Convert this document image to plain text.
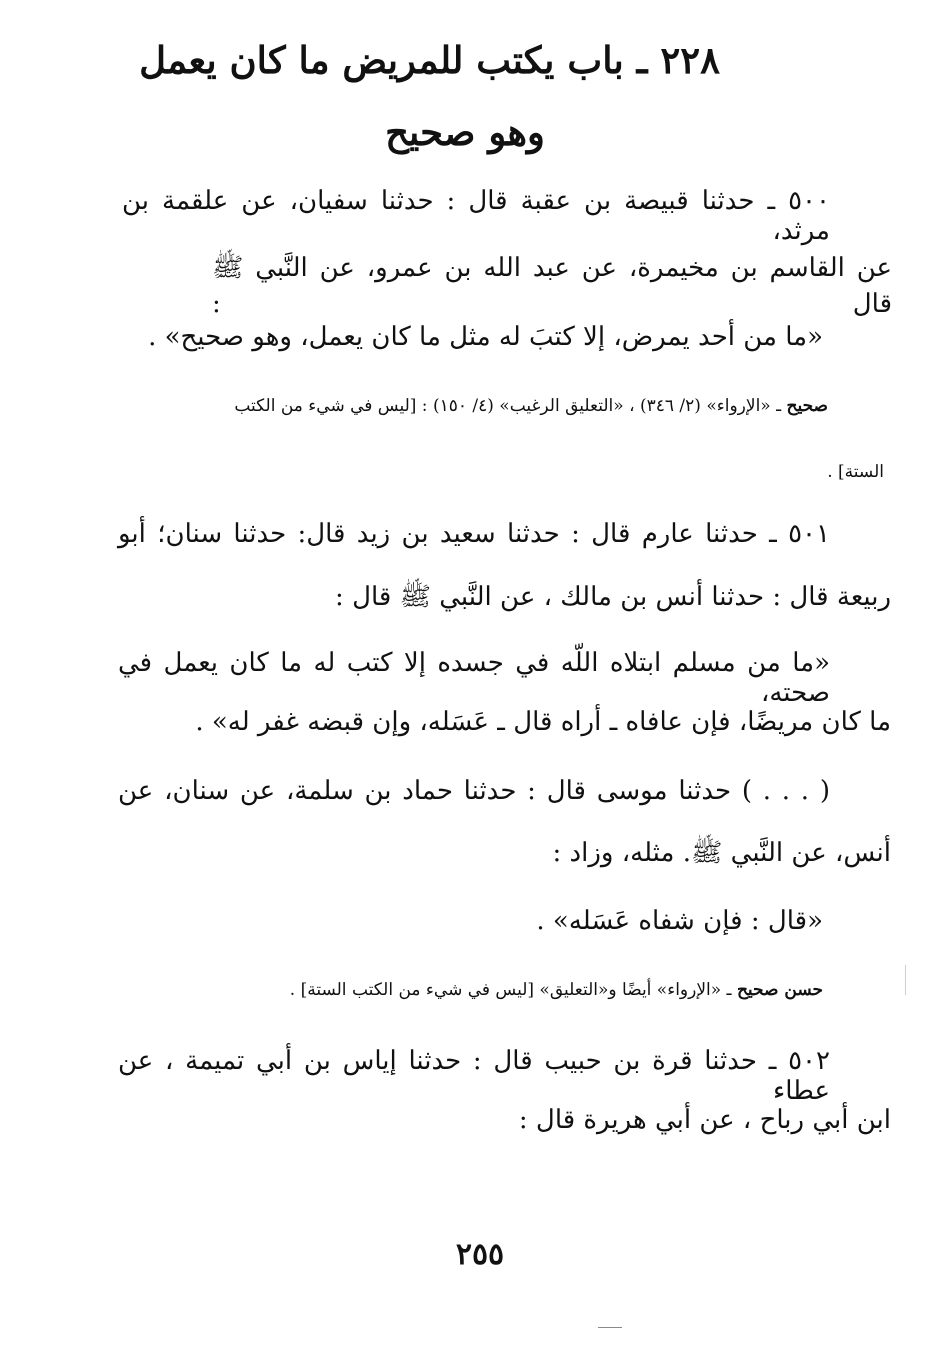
٢٢٨ ـ باب يكتب للمريض ما كان يعمل
وهو صحيح
٥٠٠ ـ حدثنا قبيصة بن عقبة قال : حدثنا سفيان، عن علقمة بن مرثد،
عن القاسم بن مخيمرة، عن عبد الله بن عمرو، عن النَّبي ﷺ قال :
«ما من أحد يمرض، إلا كتبَ له مثل ما كان يعمل، وهو صحيح» .
صحيح ـ «الإرواء» (٢/ ٣٤٦) ، «التعليق الرغيب» (٤/ ١٥٠) : [ليس في شيء من الكتب
الستة] .
٥٠١ ـ حدثنا عارم قال : حدثنا سعيد بن زيد قال: حدثنا سنان؛ أبو
ربيعة قال : حدثنا أنس بن مالك ، عن النَّبي ﷺ قال :
«ما من مسلم ابتلاه اللّه في جسده إلا كتب له ما كان يعمل في صحته،
ما كان مريضًا، فإن عافاه ـ أراه قال ـ عَسَله، وإن قبضه غفر له» .
( . . . ) حدثنا موسى قال : حدثنا حماد بن سلمة، عن سنان، عن
أنس، عن النَّبي ﷺ. مثله، وزاد :
«قال : فإن شفاه عَسَله» .
حسن صحيح ـ «الإرواء» أيضًا و«التعليق» [ليس في شيء من الكتب الستة] .
٥٠٢ ـ حدثنا قرة بن حبيب قال : حدثنا إياس بن أبي تميمة ، عن عطاء
ابن أبي رباح ، عن أبي هريرة قال :
٢٥٥
